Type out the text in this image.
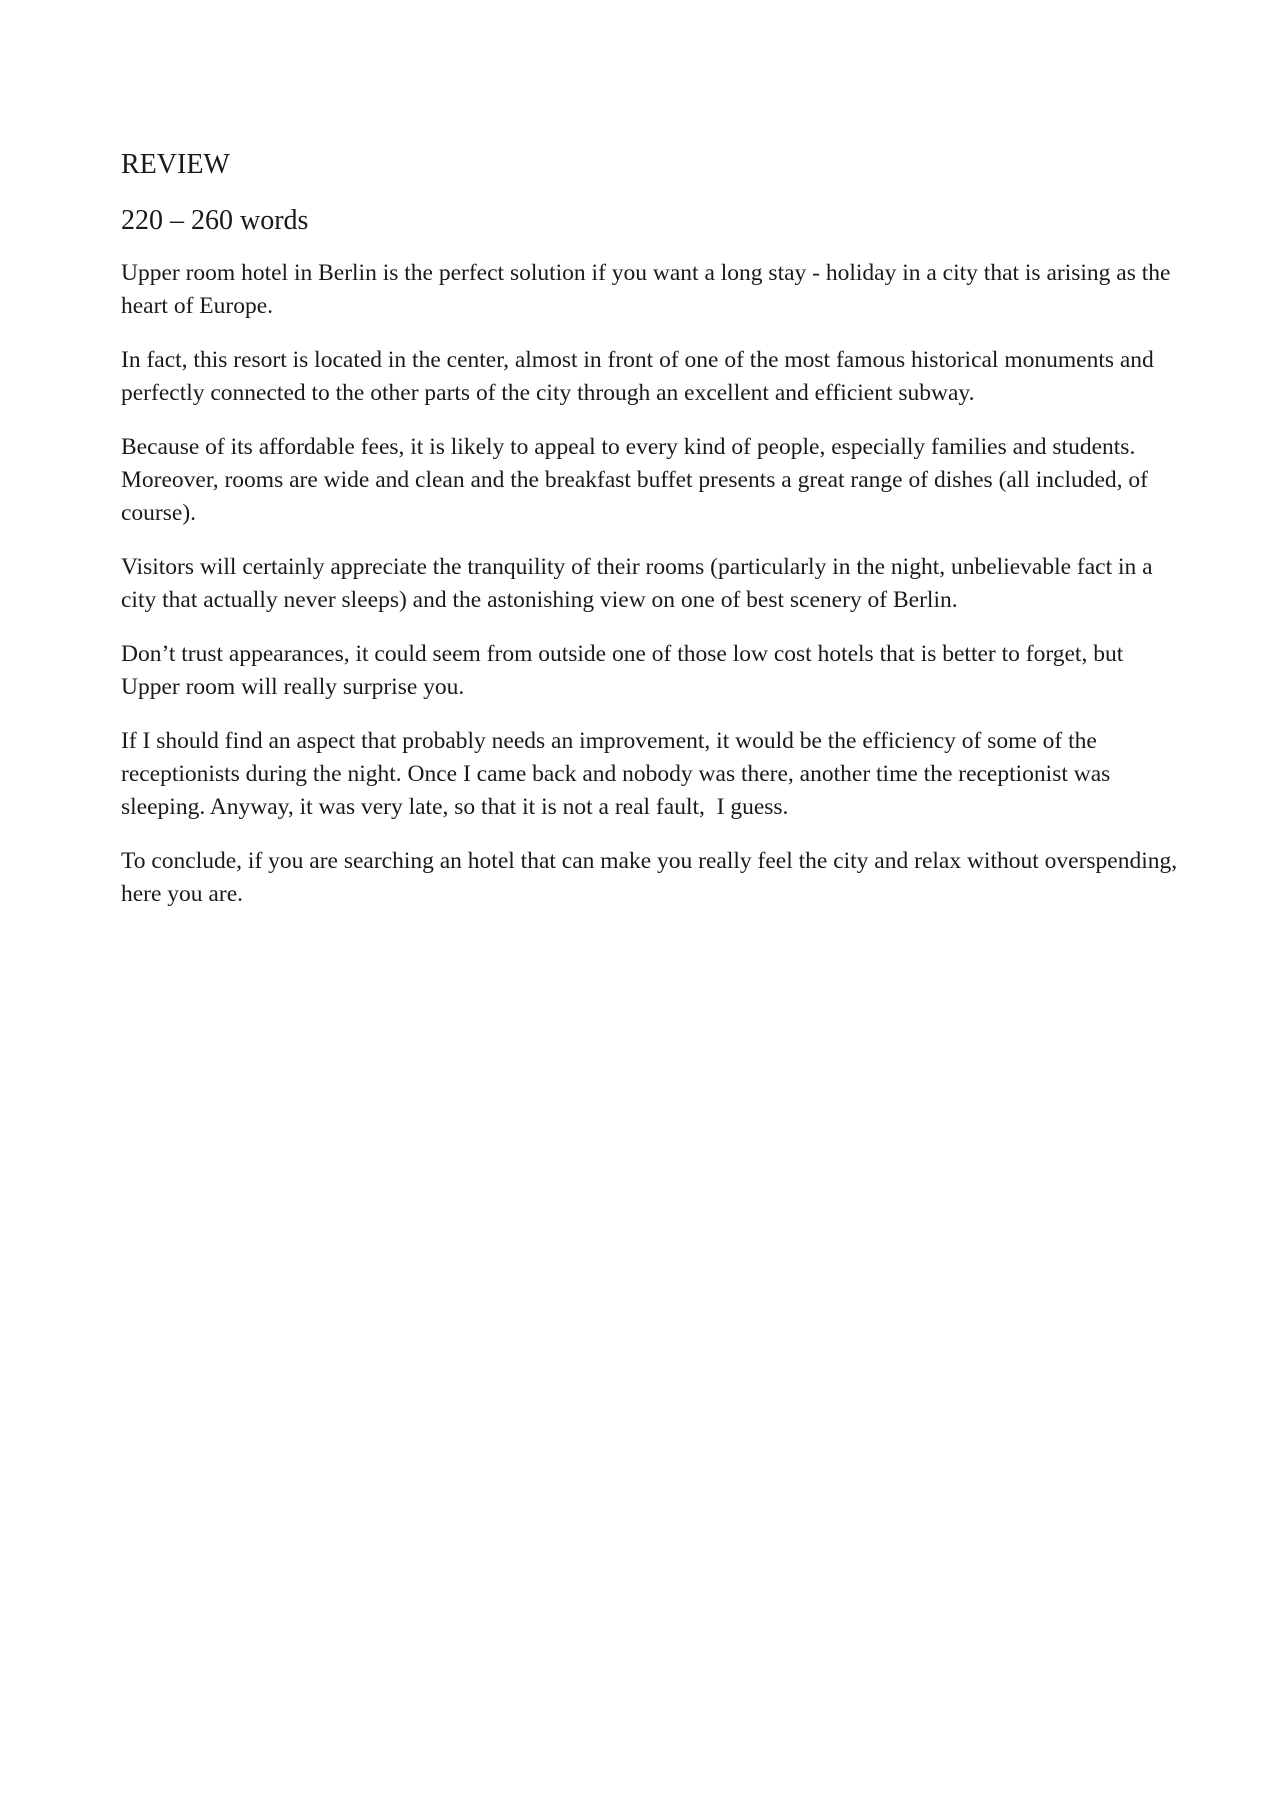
REVIEW
220 – 260 words

Upper room hotel in Berlin is the perfect solution if you want a long stay - holiday in a city that is arising as the heart of Europe.

In fact, this resort is located in the center, almost in front of one of the most famous historical monuments and perfectly connected to the other parts of the city through an excellent and efficient subway.

Because of its affordable fees, it is likely to appeal to every kind of people, especially families and students.  Moreover, rooms are wide and clean and the breakfast buffet presents a great range of dishes (all included, of course).

Visitors will certainly appreciate the tranquility of their rooms (particularly in the night, unbelievable fact in a city that actually never sleeps) and the astonishing view on one of best scenery of Berlin.

Don’t trust appearances, it could seem from outside one of those low cost hotels that is better to forget, but Upper room will really surprise you.

If I should find an aspect that probably needs an improvement, it would be the efficiency of some of the receptionists during the night. Once I came back and nobody was there, another time the receptionist was sleeping. Anyway, it was very late, so that it is not a real fault,  I guess.

To conclude, if you are searching an hotel that can make you really feel the city and relax without overspending,  here you are.
